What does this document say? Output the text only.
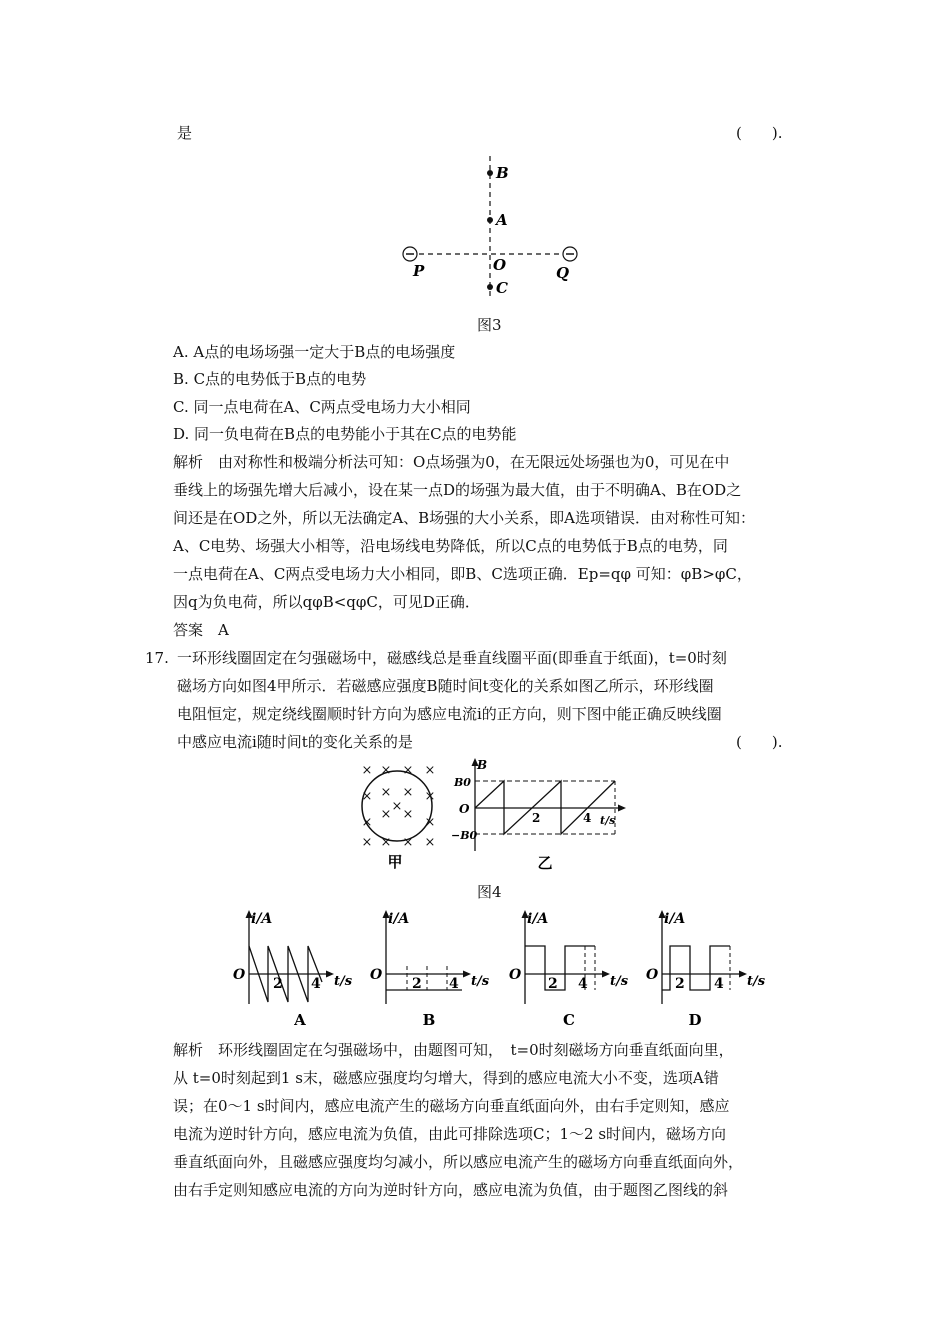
是	(　　).
B
A
O
C
P	Q
图3
A. A点的电场场强一定大于B点的电场强度
B. C点的电势低于B点的电势
C. 同一点电荷在A、C两点受电场力大小相同
D. 同一负电荷在B点的电势能小于其在C点的电势能
解析　由对称性和极端分析法可知：O点场强为0，在无限远处场强也为0，可见在中
垂线上的场强先增大后减小，设在某一点D的场强为最大值，由于不明确A、B在OD之
间还是在OD之外，所以无法确定A、B场强的大小关系，即A选项错误．由对称性可知：
A、C电势、场强大小相等，沿电场线电势降低，所以C点的电势低于B点的电势，同
一点电荷在A、C两点受电场力大小相同，即B、C选项正确．Ep=qφ 可知：φB>φC，
因q为负电荷，所以qφB<qφC，可见D正确．
答案　A
17. 一环形线圈固定在匀强磁场中，磁感线总是垂直线圈平面(即垂直于纸面)，t=0时刻
磁场方向如图4甲所示．若磁感应强度B随时间t变化的关系如图乙所示，环形线圈
电阻恒定，规定绕线圈顺时针方向为感应电流i的正方向，则下图中能正确反映线圈
中感应电流i随时间t的变化关系的是	(　　).
× × × ×
× × × ×
× ×
×	×
×
× × × ×
甲
B
B0
O
−B0
2	4 t/s
乙
图4
i/A
O
2 4 t/s
A
i/A
O
2 4 t/s
B
i/A
O
2 4 t/s
C
i/A
O
2 4 t/s
D
解析　环形线圈固定在匀强磁场中，由题图可知，　t=0时刻磁场方向垂直纸面向里，
从 t=0时刻起到1 s末，磁感应强度均匀增大，得到的感应电流大小不变，选项A错
误；在0～1 s时间内，感应电流产生的磁场方向垂直纸面向外，由右手定则知，感应
电流为逆时针方向，感应电流为负值，由此可排除选项C；1～2 s时间内，磁场方向
垂直纸面向外，且磁感应强度均匀减小，所以感应电流产生的磁场方向垂直纸面向外，
由右手定则知感应电流的方向为逆时针方向，感应电流为负值，由于题图乙图线的斜
